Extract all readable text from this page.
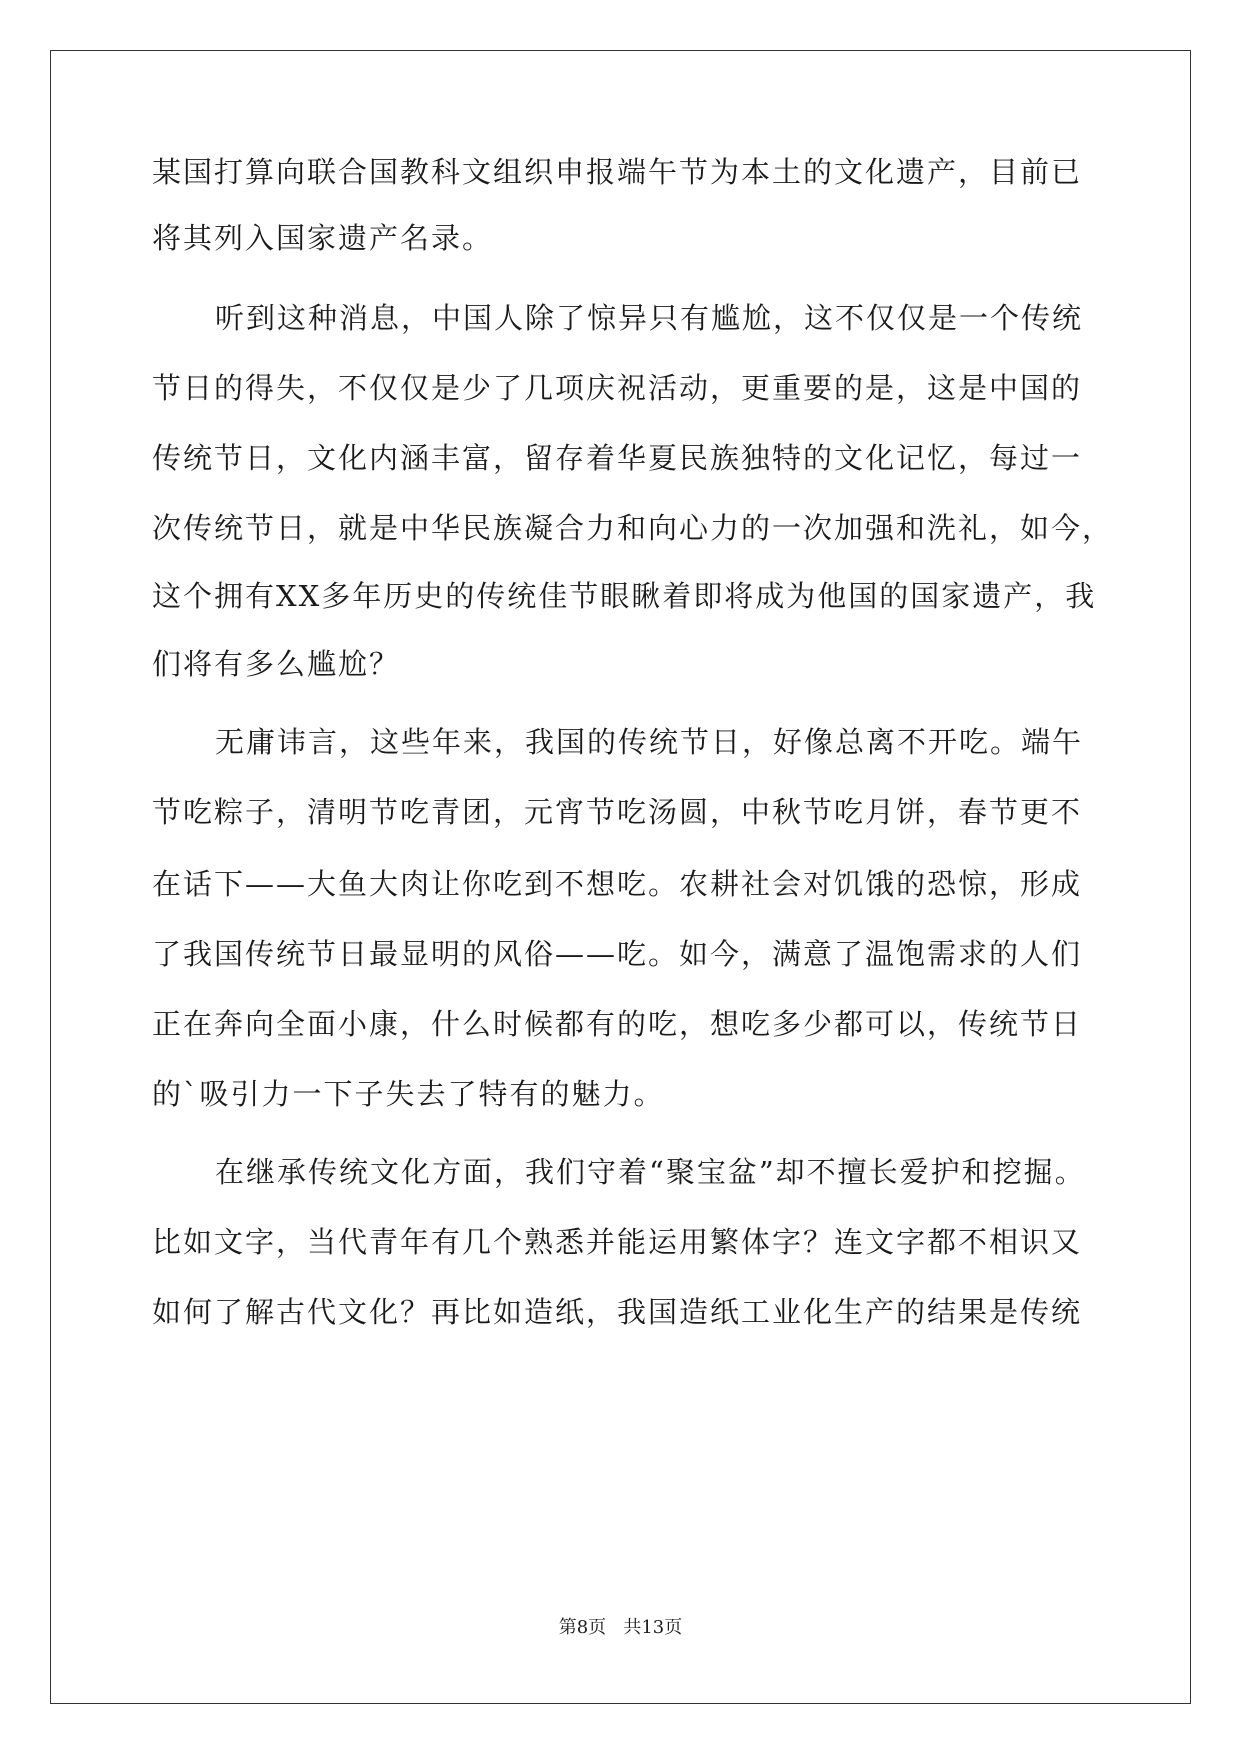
某国打算向联合国教科文组织申报端午节为本土的文化遗产，目前已
将其列入国家遗产名录。
听到这种消息，中国人除了惊异只有尴尬，这不仅仅是一个传统
节日的得失，不仅仅是少了几项庆祝活动，更重要的是，这是中国的
传统节日，文化内涵丰富，留存着华夏民族独特的文化记忆，每过一
次传统节日，就是中华民族凝合力和向心力的一次加强和洗礼，如今，
这个拥有XX多年历史的传统佳节眼瞅着即将成为他国的国家遗产，我
们将有多么尴尬？
无庸讳言，这些年来，我国的传统节日，好像总离不开吃。端午
节吃粽子，清明节吃青团，元宵节吃汤圆，中秋节吃月饼，春节更不
在话下——大鱼大肉让你吃到不想吃。农耕社会对饥饿的恐惊，形成
了我国传统节日最显明的风俗——吃。如今，满意了温饱需求的人们
正在奔向全面小康，什么时候都有的吃，想吃多少都可以，传统节日
的`吸引力一下子失去了特有的魅力。
在继承传统文化方面，我们守着“聚宝盆”却不擅长爱护和挖掘。
比如文字，当代青年有几个熟悉并能运用繁体字？连文字都不相识又
如何了解古代文化？再比如造纸，我国造纸工业化生产的结果是传统
第8页   共13页
